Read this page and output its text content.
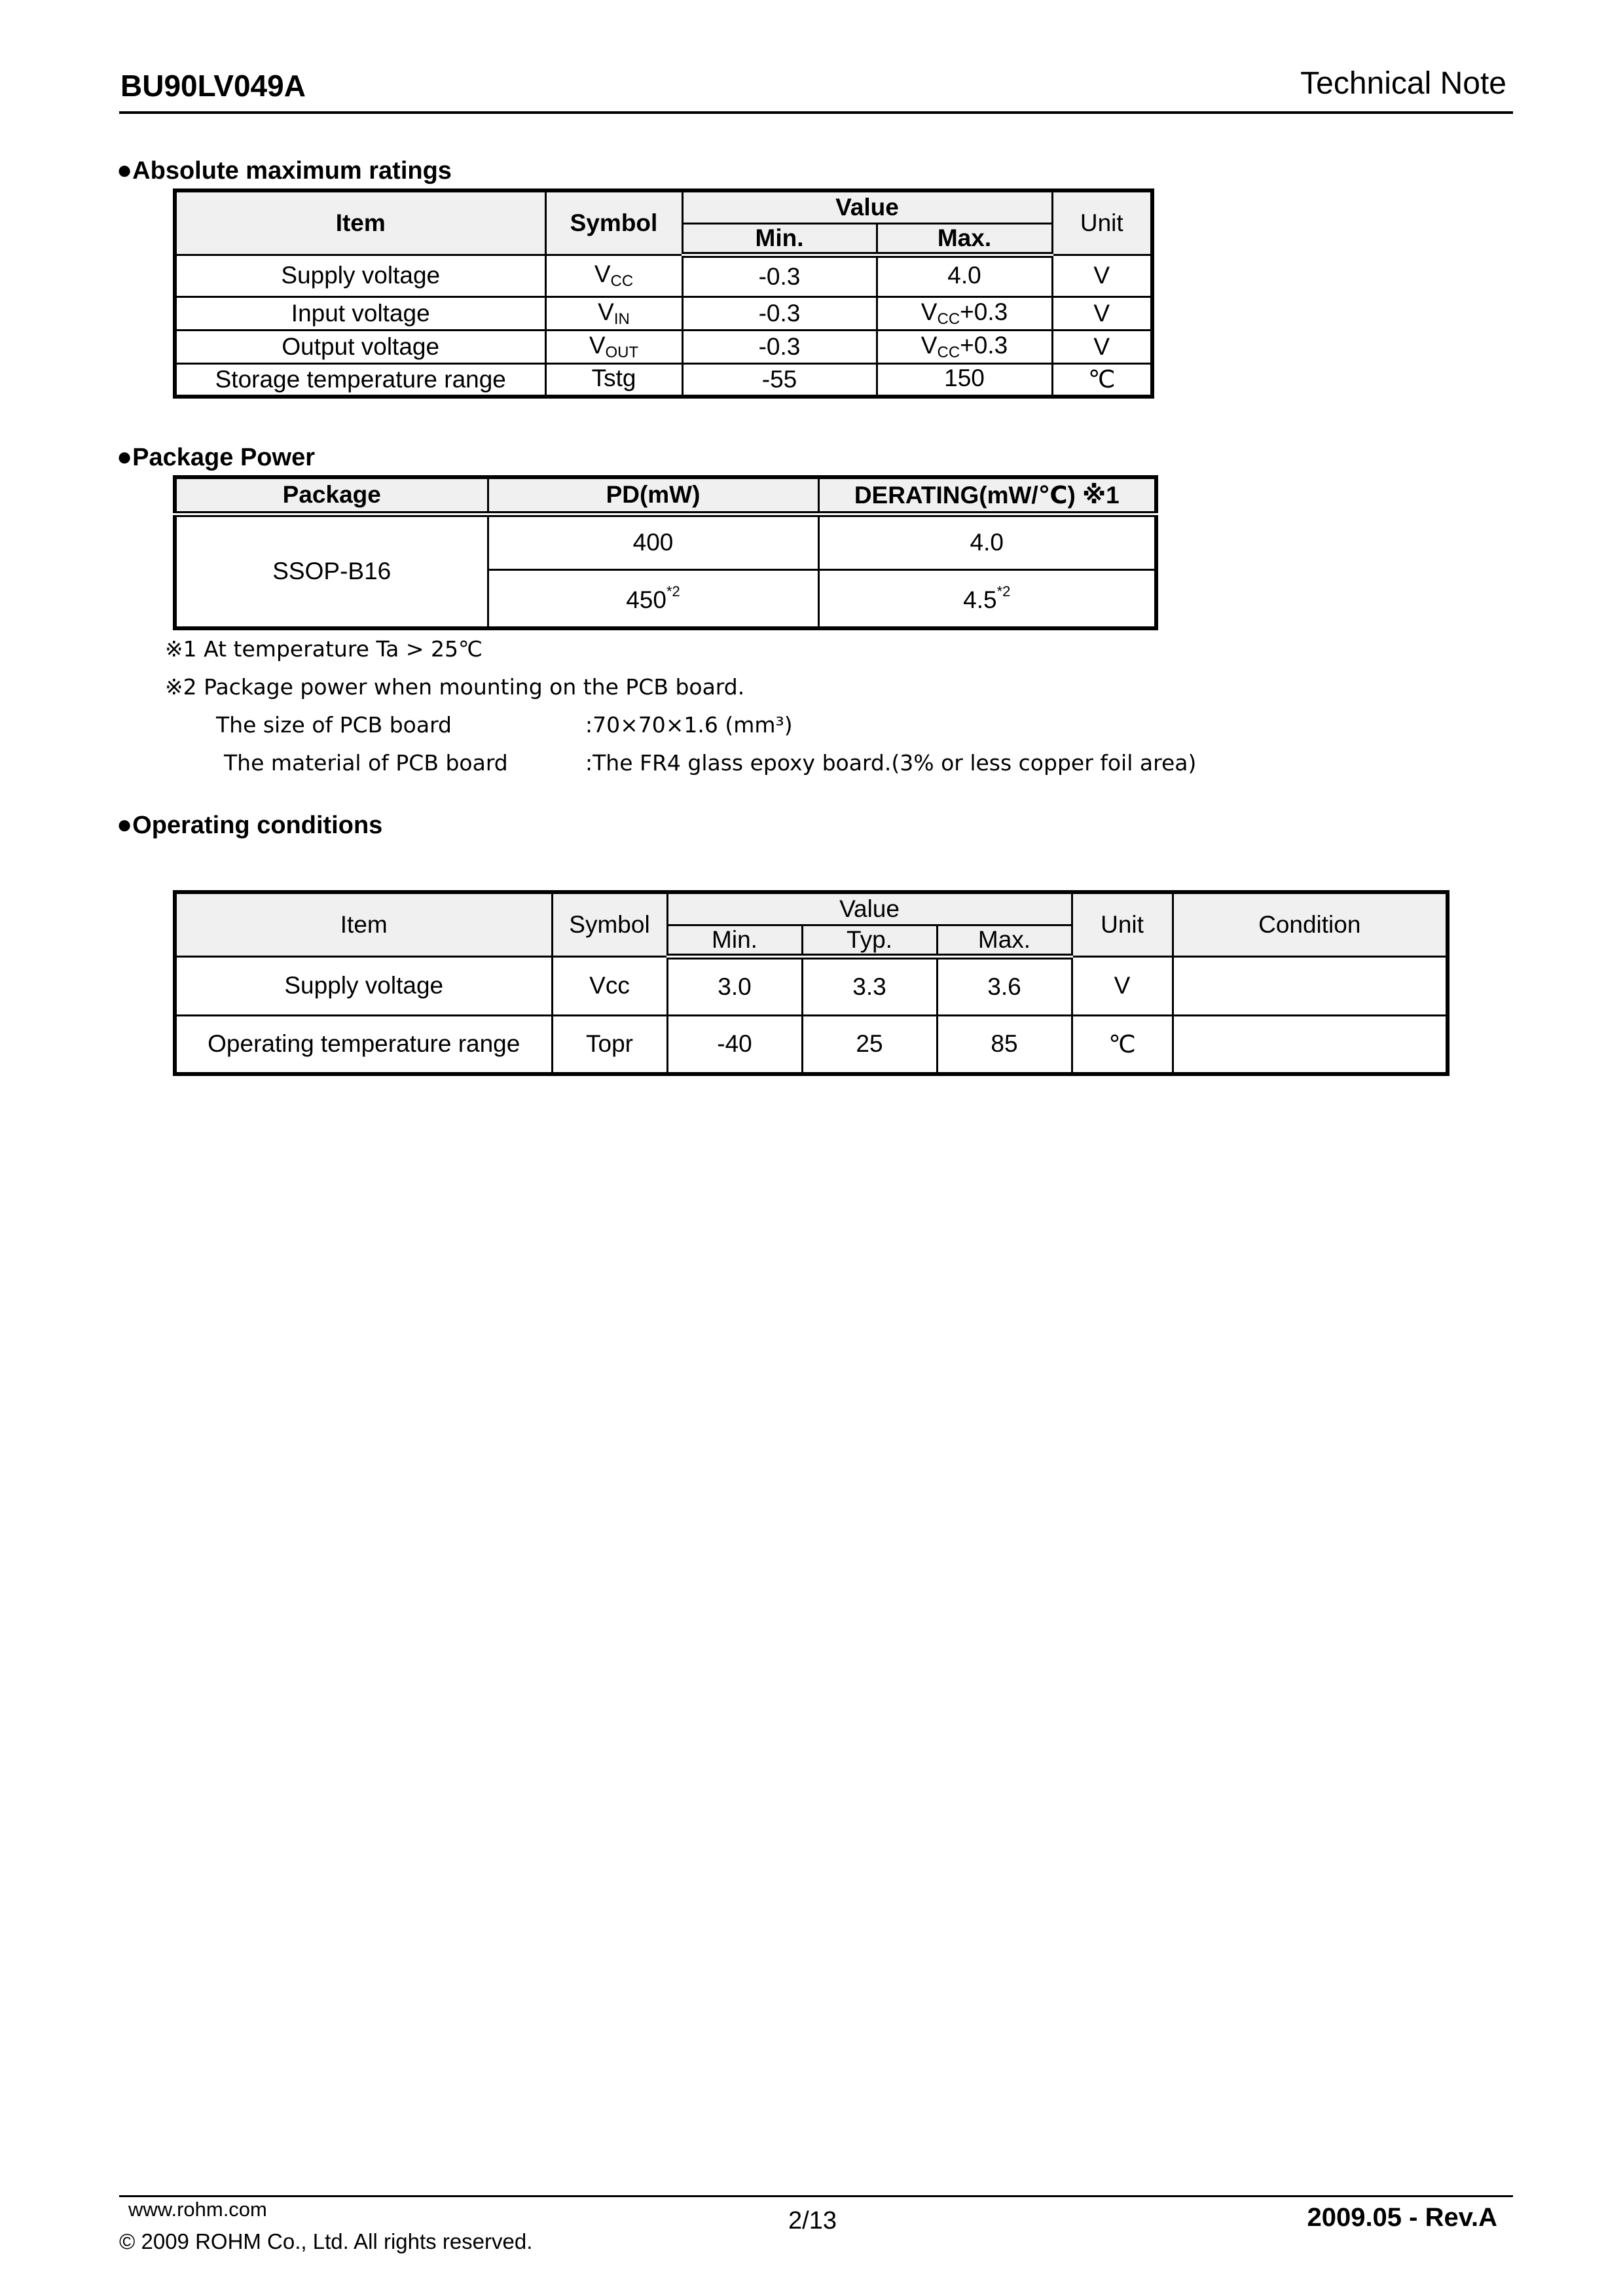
BU90LV049A	Technical Note
●Absolute maximum ratings
Item	Symbol	Value		Unit
		Min.	Max.	
Supply voltage	$V_{CC}$	-0.3	4.0	V
Input voltage	$V_{IN}$	-0.3	$V_{CC}+0.3$	V
Output voltage	$V_{OUT}$	-0.3	$V_{CC}+0.3$	V
Storage temperature range	Tstg	-55	150	℃
●Package Power
Package	PD(mW)	DERATING(mW/℃) ※1
SSOP-B16	400	4.0
	450$^{*2}$	4.5$^{*2}$
※1 At temperature Ta > 25℃
※2 Package power when mounting on the PCB board.
The size of PCB board	:70×70×1.6 (mm³)
The material of PCB board	:The FR4 glass epoxy board.(3% or less copper foil area)
●Operating conditions
Item	Symbol	Value			Unit	Condition
		Min.	Typ.	Max.		
Supply voltage	Vcc	3.0	3.3	3.6	V	
Operating temperature range	Topr	-40	25	85	℃	
www.rohm.com
© 2009 ROHM Co., Ltd. All rights reserved.
2/13	2009.05 - Rev.A
